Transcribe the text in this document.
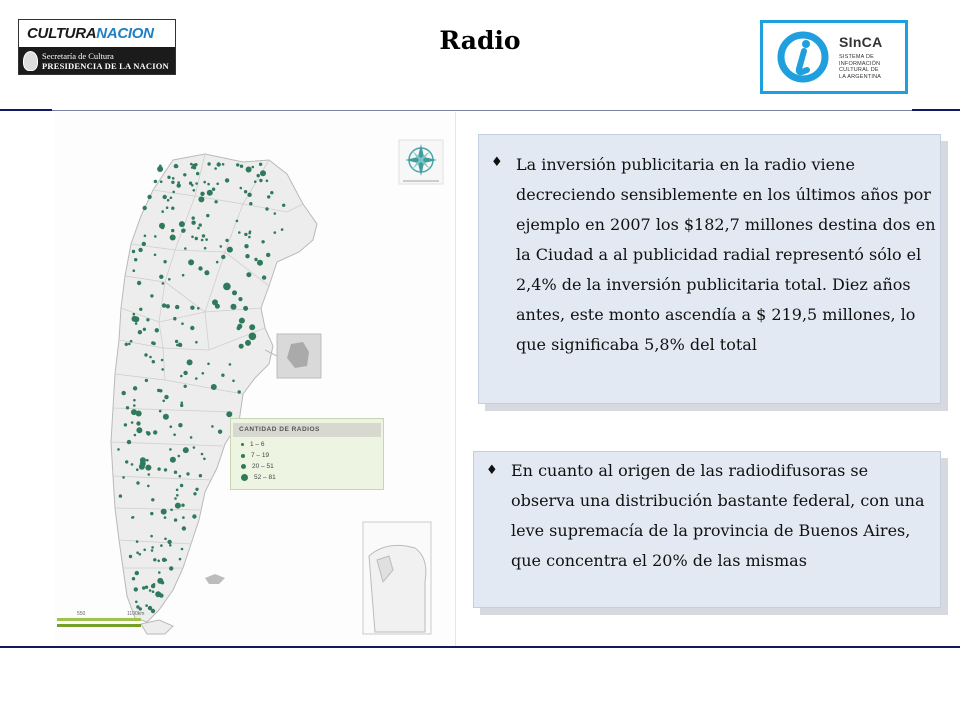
CULTURA NACION
Secretaría de Cultura
PRESIDENCIA DE LA NACION
Radio	SInCA
SISTEMA DE
INFORMACIÓN
CULTURAL DE
LA ARGENTINA
550	1100km
CANTIDAD DE RADIOS
1 – 6
7 – 19
20 – 51
52 – 81
♦ La inversión publicitaria en la radio viene decreciendo sensiblemente en los últimos años por ejemplo en 2007 los $182,7 millones destina dos en la Ciudad a al publicidad radial representó sólo el 2,4% de la inversión publicitaria total. Diez años antes, este monto ascendía a $ 219,5 millones, lo que significaba 5,8% del total
♦ En cuanto al origen de las radiodifusoras se observa una distribución bastante federal, con una leve supremacía de la provincia de Buenos Aires, que concentra el 20% de las mismas
